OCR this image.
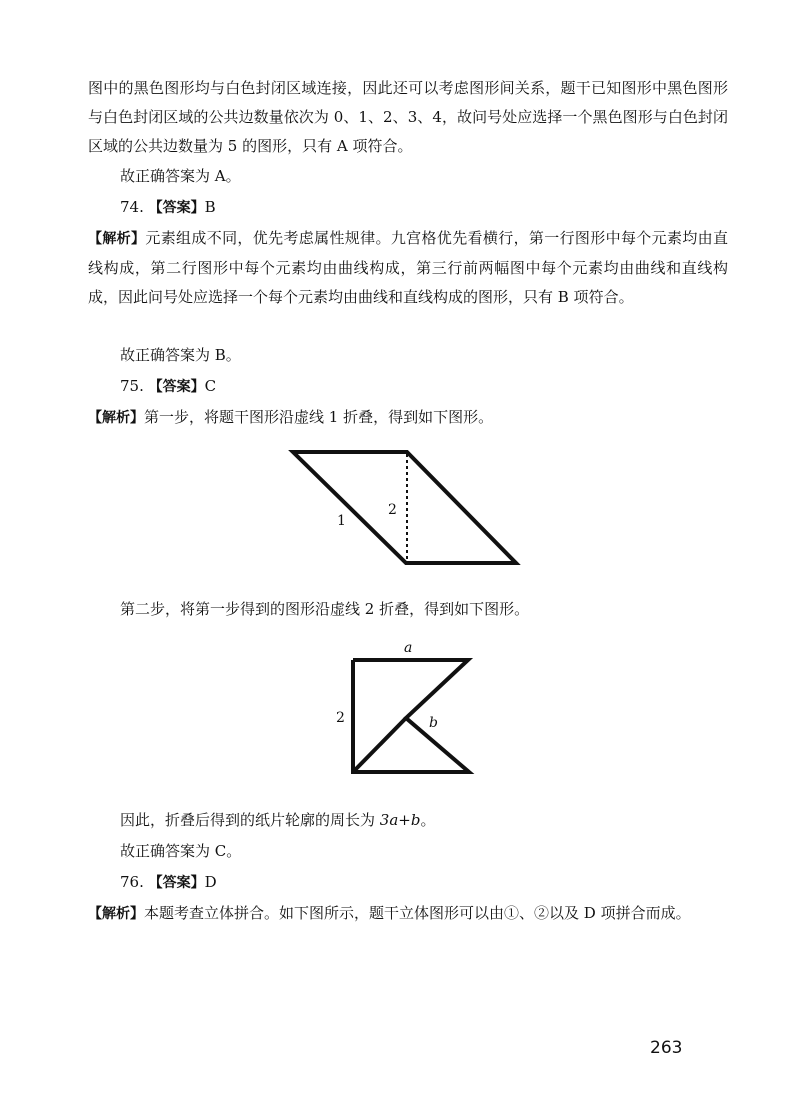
图中的黑色图形均与白色封闭区域连接，因此还可以考虑图形间关系，题干已知图形中黑色图形与白色封闭区域的公共边数量依次为 0、1、2、3、4，故问号处应选择一个黑色图形与白色封闭区域的公共边数量为 5 的图形，只有 A 项符合。

故正确答案为 A。

74. 【答案】B

【解析】元素组成不同，优先考虑属性规律。九宫格优先看横行，第一行图形中每个元素均由直线构成，第二行图形中每个元素均由曲线构成，第三行前两幅图中每个元素均由曲线和直线构成，因此问号处应选择一个每个元素均由曲线和直线构成的图形，只有 B 项符合。

故正确答案为 B。

75. 【答案】C

【解析】第一步，将题干图形沿虚线 1 折叠，得到如下图形。

1
2

第二步，将第一步得到的图形沿虚线 2 折叠，得到如下图形。

a
2	b

因此，折叠后得到的纸片轮廓的周长为 3a+b。

故正确答案为 C。

76. 【答案】D

【解析】本题考查立体拼合。如下图所示，题干立体图形可以由①、②以及 D 项拼合而成。

263
